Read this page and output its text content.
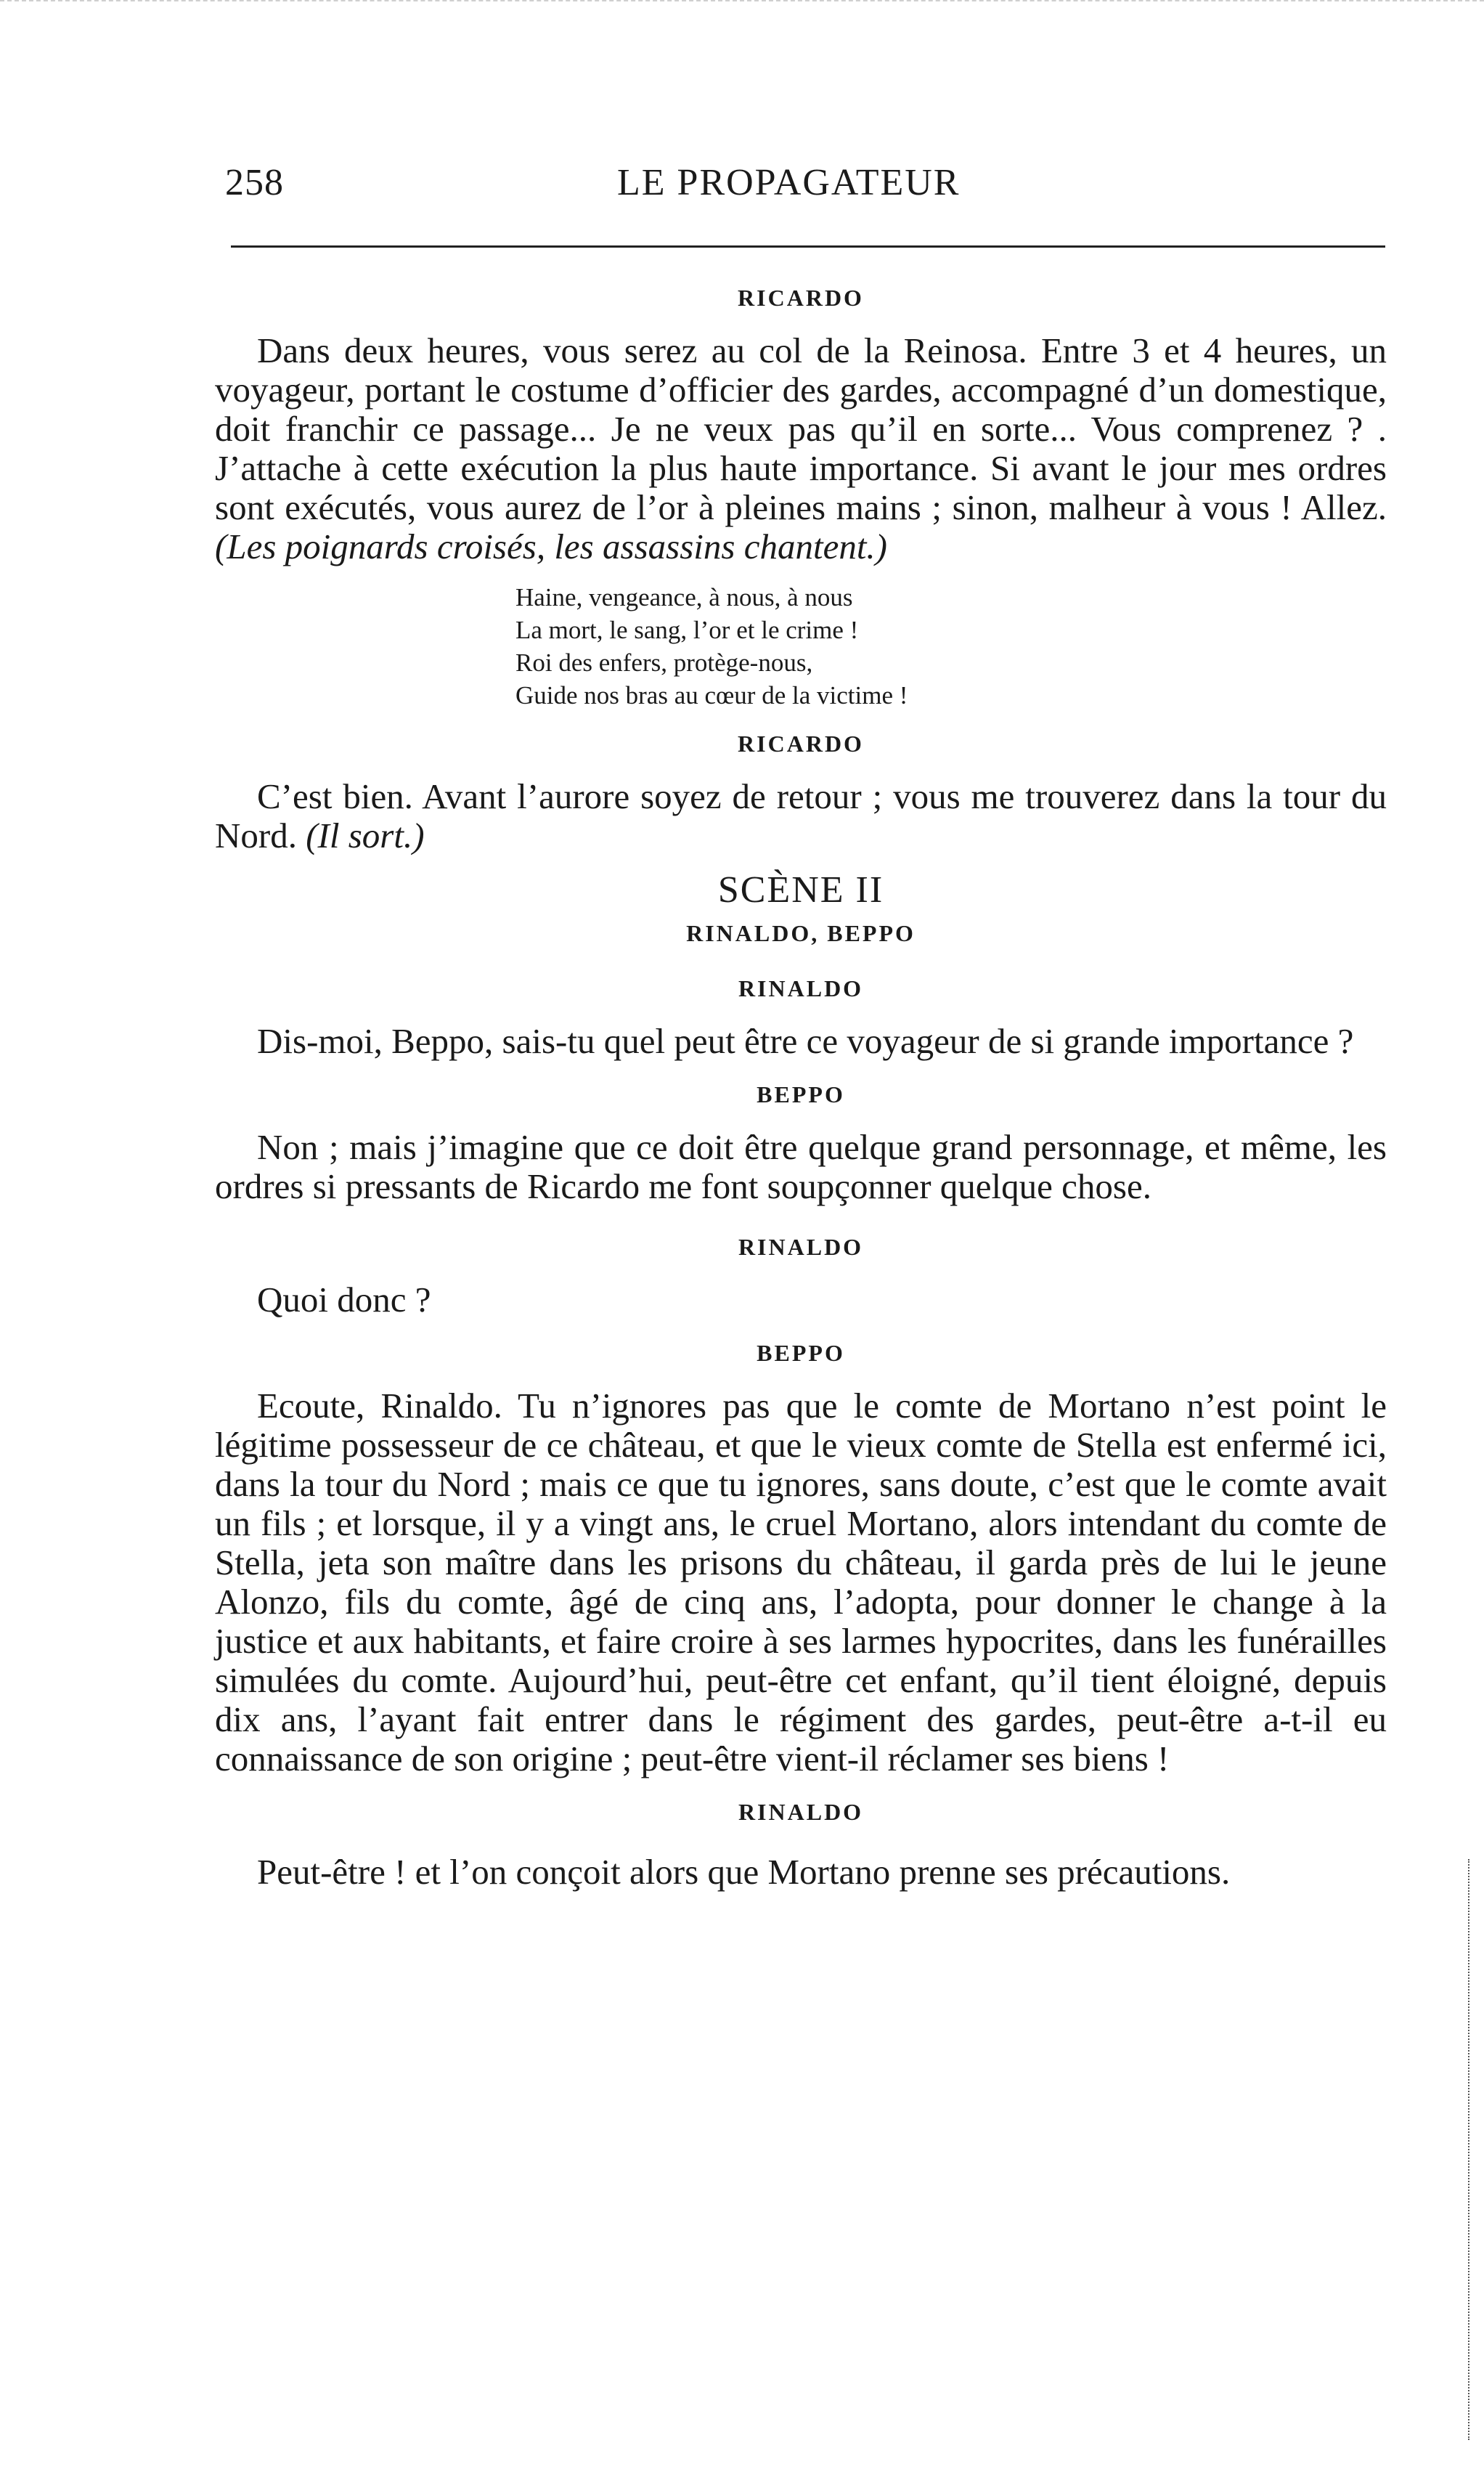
258	LE PROPAGATEUR

RICARDO

Dans deux heures, vous serez au col de la Reinosa. Entre 3 et 4 heures, un voyageur, portant le costume d’officier des gardes, accompagné d’un domestique, doit franchir ce passage... Je ne veux pas qu’il en sorte... Vous comprenez ? . J’attache à cette exécution la plus haute importance. Si avant le jour mes ordres sont exécutés, vous aurez de l’or à pleines mains ; sinon, malheur à vous ! Allez. (Les poignards croisés, les assassins chantent.)

Haine, vengeance, à nous, à nous
La mort, le sang, l’or et le crime !
Roi des enfers, protège-nous,
Guide nos bras au cœur de la victime !

RICARDO

C’est bien. Avant l’aurore soyez de retour ; vous me trouverez dans la tour du Nord. (Il sort.)

SCÈNE II

RINALDO, BEPPO

RINALDO

Dis-moi, Beppo, sais-tu quel peut être ce voyageur de si grande importance ?

BEPPO

Non ; mais j’imagine que ce doit être quelque grand personnage, et même, les ordres si pressants de Ricardo me font soupçonner quelque chose.

RINALDO

Quoi donc ?

BEPPO

Ecoute, Rinaldo. Tu n’ignores pas que le comte de Mortano n’est point le légitime possesseur de ce château, et que le vieux comte de Stella est enfermé ici, dans la tour du Nord ; mais ce que tu ignores, sans doute, c’est que le comte avait un fils ; et lorsque, il y a vingt ans, le cruel Mortano, alors intendant du comte de Stella, jeta son maître dans les prisons du château, il garda près de lui le jeune Alonzo, fils du comte, âgé de cinq ans, l’adopta, pour donner le change à la justice et aux habitants, et faire croire à ses larmes hypocrites, dans les funérailles simulées du comte. Aujourd’hui, peut-être cet enfant, qu’il tient éloigné, depuis dix ans, l’ayant fait entrer dans le régiment des gardes, peut-être a-t-il eu connaissance de son origine ; peut-être vient-il réclamer ses biens !

RINALDO

Peut-être ! et l’on conçoit alors que Mortano prenne ses précautions.
